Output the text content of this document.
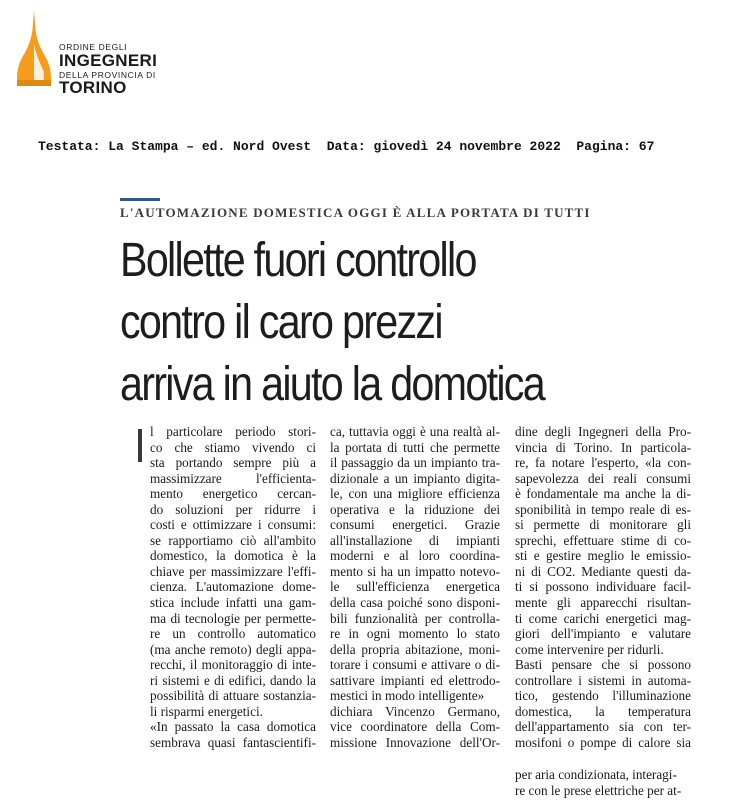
ORDINE DEGLI
INGEGNERI
DELLA PROVINCIA DI
TORINO
Testata: La Stampa – ed. Nord Ovest Data: giovedì 24 novembre 2022 Pagina: 67
L'AUTOMAZIONE DOMESTICA OGGI È ALLA PORTATA DI TUTTI
Bollette fuori controllo
contro il caro prezzi
arriva in aiuto la domotica
l particolare periodo stori-
co che stiamo vivendo ci
sta portando sempre più a
massimizzare l'efficienta-
mento energetico cercan-
do soluzioni per ridurre i
costi e ottimizzare i consumi:
se rapportiamo ciò all'ambito
domestico, la domotica è la
chiave per massimizzare l'effi-
cienza. L'automazione dome-
stica include infatti una gam-
ma di tecnologie per permette-
re un controllo automatico
(ma anche remoto) degli appa-
recchi, il monitoraggio di inte-
ri sistemi e di edifici, dando la
possibilità di attuare sostanzia-
li risparmi energetici.
«In passato la casa domotica
sembrava quasi fantascientifi-
ca, tuttavia oggi è una realtà al-
la portata di tutti che permette
il passaggio da un impianto tra-
dizionale a un impianto digita-
le, con una migliore efficienza
operativa e la riduzione dei
consumi energetici. Grazie
all'installazione di impianti
moderni e al loro coordina-
mento si ha un impatto notevo-
le sull'efficienza energetica
della casa poiché sono disponi-
bili funzionalità per controlla-
re in ogni momento lo stato
della propria abitazione, moni-
torare i consumi e attivare o di-
sattivare impianti ed elettrodo-
mestici in modo intelligente»
dichiara Vincenzo Germano,
vice coordinatore della Com-
missione Innovazione dell'Or-
dine degli Ingegneri della Pro-
vincia di Torino. In particola-
re, fa notare l'esperto, «la con-
sapevolezza dei reali consumi
è fondamentale ma anche la di-
sponibilità in tempo reale di es-
si permette di monitorare gli
sprechi, effettuare stime di co-
sti e gestire meglio le emissio-
ni di CO2. Mediante questi da-
ti si possono individuare facil-
mente gli apparecchi risultan-
ti come carichi energetici mag-
giori dell'impianto e valutare
come intervenire per ridurli.
Basti pensare che si possono
controllare i sistemi in automa-
tico, gestendo l'illuminazione
domestica, la temperatura
dell'appartamento sia con ter-
mosifoni o pompe di calore sia
per aria condizionata, interagi-
re con le prese elettriche per at-
